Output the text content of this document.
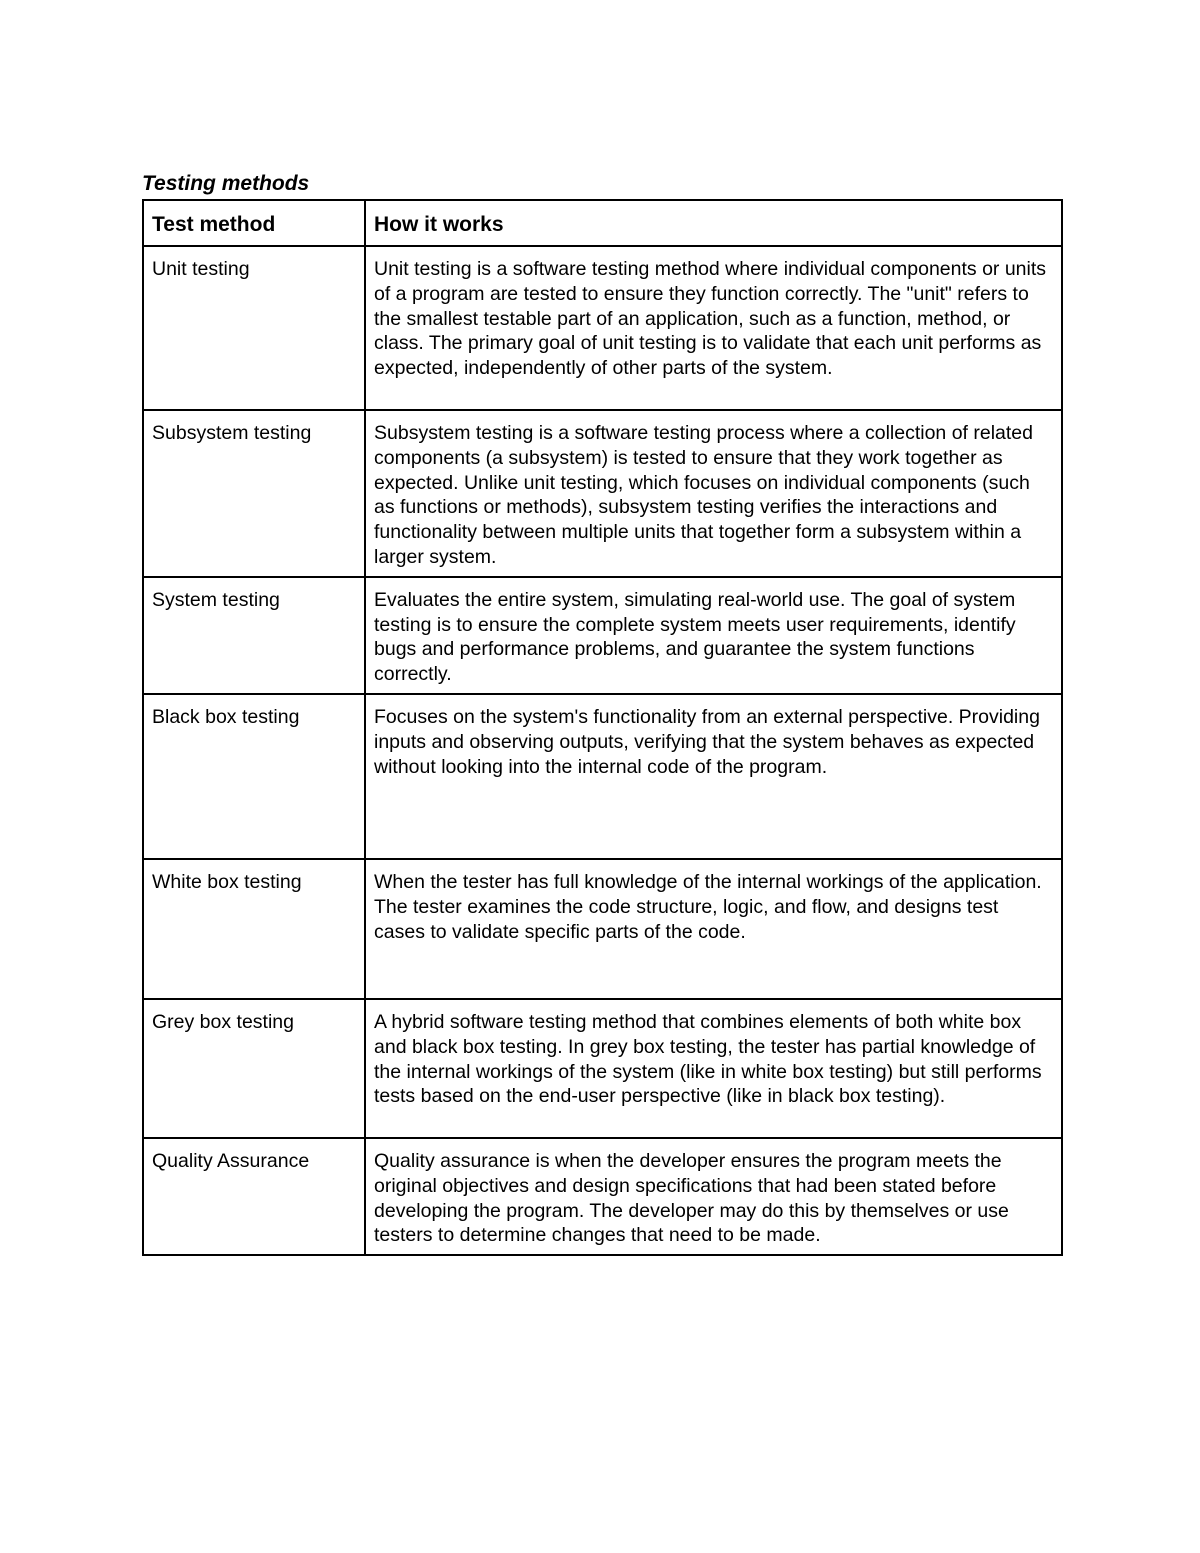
Testing methods
Test method	How it works
Unit testing	Unit testing is a software testing method where individual components or units of a program are tested to ensure they function correctly. The "unit" refers to the smallest testable part of an application, such as a function, method, or class. The primary goal of unit testing is to validate that each unit performs as expected, independently of other parts of the system.
Subsystem testing	Subsystem testing is a software testing process where a collection of related components (a subsystem) is tested to ensure that they work together as expected. Unlike unit testing, which focuses on individual components (such as functions or methods), subsystem testing verifies the interactions and functionality between multiple units that together form a subsystem within a larger system.
System testing	Evaluates the entire system, simulating real-world use. The goal of system testing is to ensure the complete system meets user requirements, identify bugs and performance problems, and guarantee the system functions correctly.
Black box testing	Focuses on the system's functionality from an external perspective. Providing inputs and observing outputs, verifying that the system behaves as expected without looking into the internal code of the program.
White box testing	When the tester has full knowledge of the internal workings of the application. The tester examines the code structure, logic, and flow, and designs test cases to validate specific parts of the code.
Grey box testing	A hybrid software testing method that combines elements of both white box and black box testing. In grey box testing, the tester has partial knowledge of the internal workings of the system (like in white box testing) but still performs tests based on the end-user perspective (like in black box testing).
Quality Assurance	Quality assurance is when the developer ensures the program meets the original objectives and design specifications that had been stated before developing the program. The developer may do this by themselves or use testers to determine changes that need to be made.
